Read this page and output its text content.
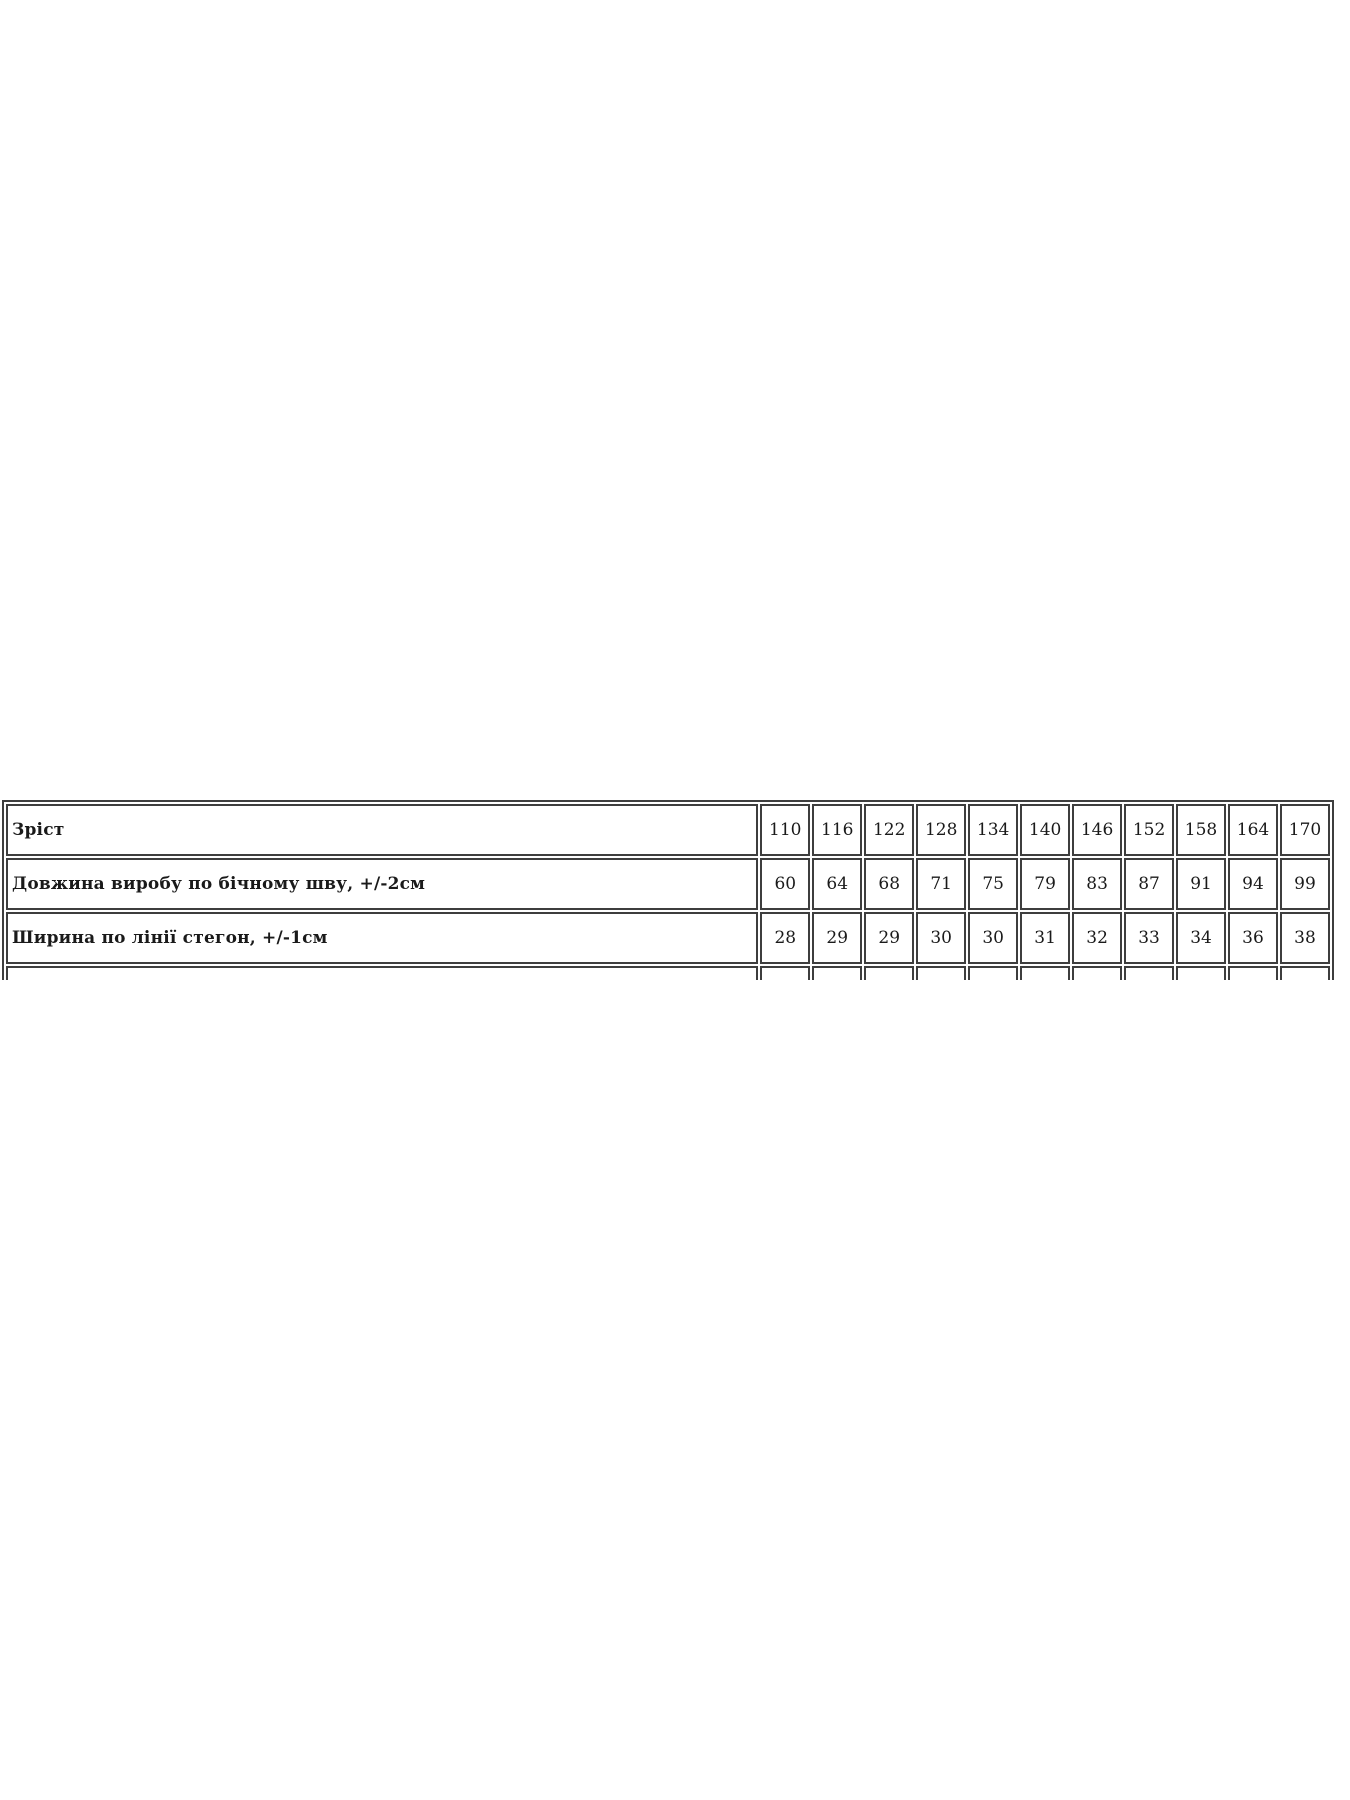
Зріст	110	116	122	128	134	140	146	152	158	164	170
Довжина виробу по бічному шву, +/-2см	60	64	68	71	75	79	83	87	91	94	99
Ширина по лінії стегон, +/-1см	28	29	29	30	30	31	32	33	34	36	38
